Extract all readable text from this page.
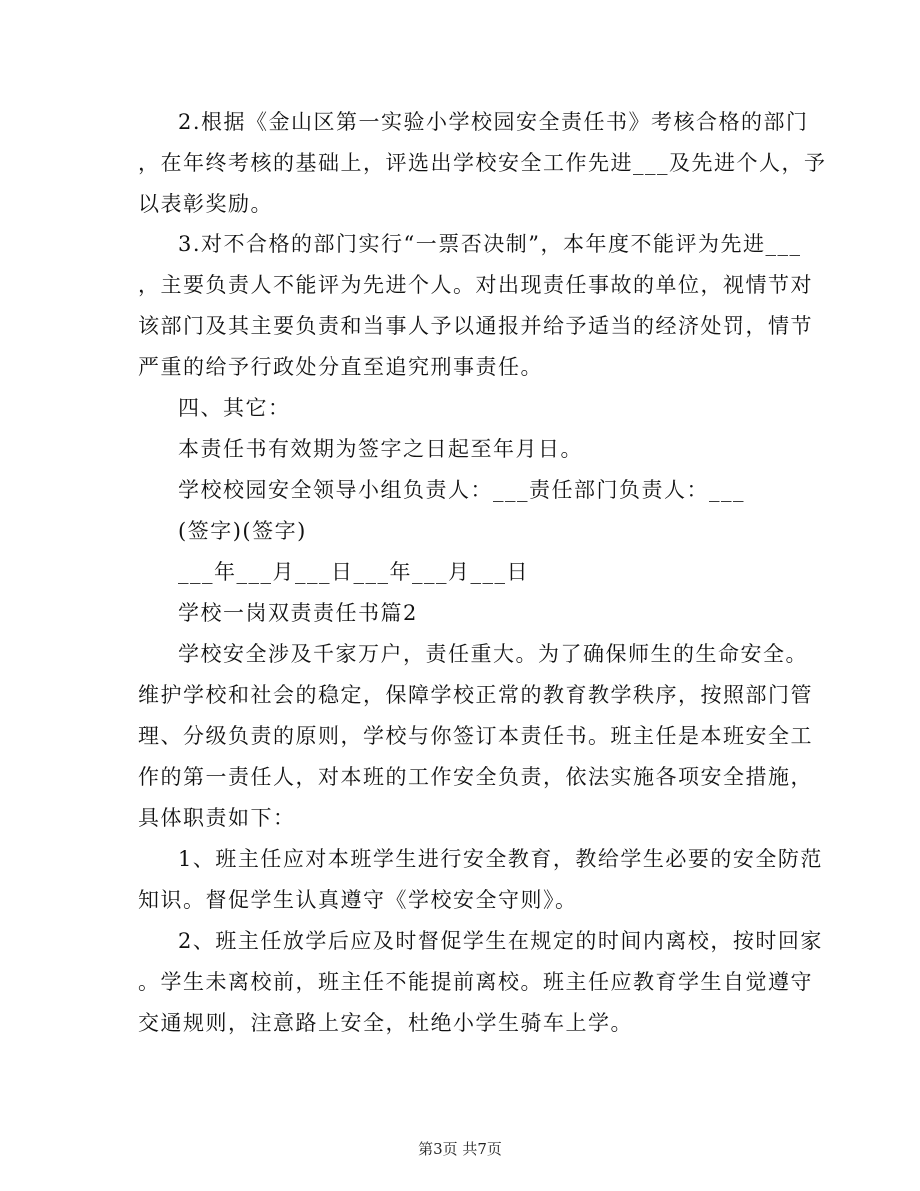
2.根据《金山区第一实验小学校园安全责任书》考核合格的部门
，在年终考核的基础上，评选出学校安全工作先进___及先进个人，予
以表彰奖励。
3.对不合格的部门实行“一票否决制”，本年度不能评为先进___
，主要负责人不能评为先进个人。对出现责任事故的单位，视情节对
该部门及其主要负责和当事人予以通报并给予适当的经济处罚，情节
严重的给予行政处分直至追究刑事责任。
四、其它：
本责任书有效期为签字之日起至年月日。
学校校园安全领导小组负责人：___责任部门负责人：___
(签字)(签字)
___年___月___日___年___月___日
学校一岗双责责任书篇2
学校安全涉及千家万户，责任重大。为了确保师生的生命安全。
维护学校和社会的稳定，保障学校正常的教育教学秩序，按照部门管
理、分级负责的原则，学校与你签订本责任书。班主任是本班安全工
作的第一责任人，对本班的工作安全负责，依法实施各项安全措施，
具体职责如下：
1、班主任应对本班学生进行安全教育，教给学生必要的安全防范
知识。督促学生认真遵守《学校安全守则》。
2、班主任放学后应及时督促学生在规定的时间内离校，按时回家
。学生未离校前，班主任不能提前离校。班主任应教育学生自觉遵守
交通规则，注意路上安全，杜绝小学生骑车上学。
第3页 共7页
